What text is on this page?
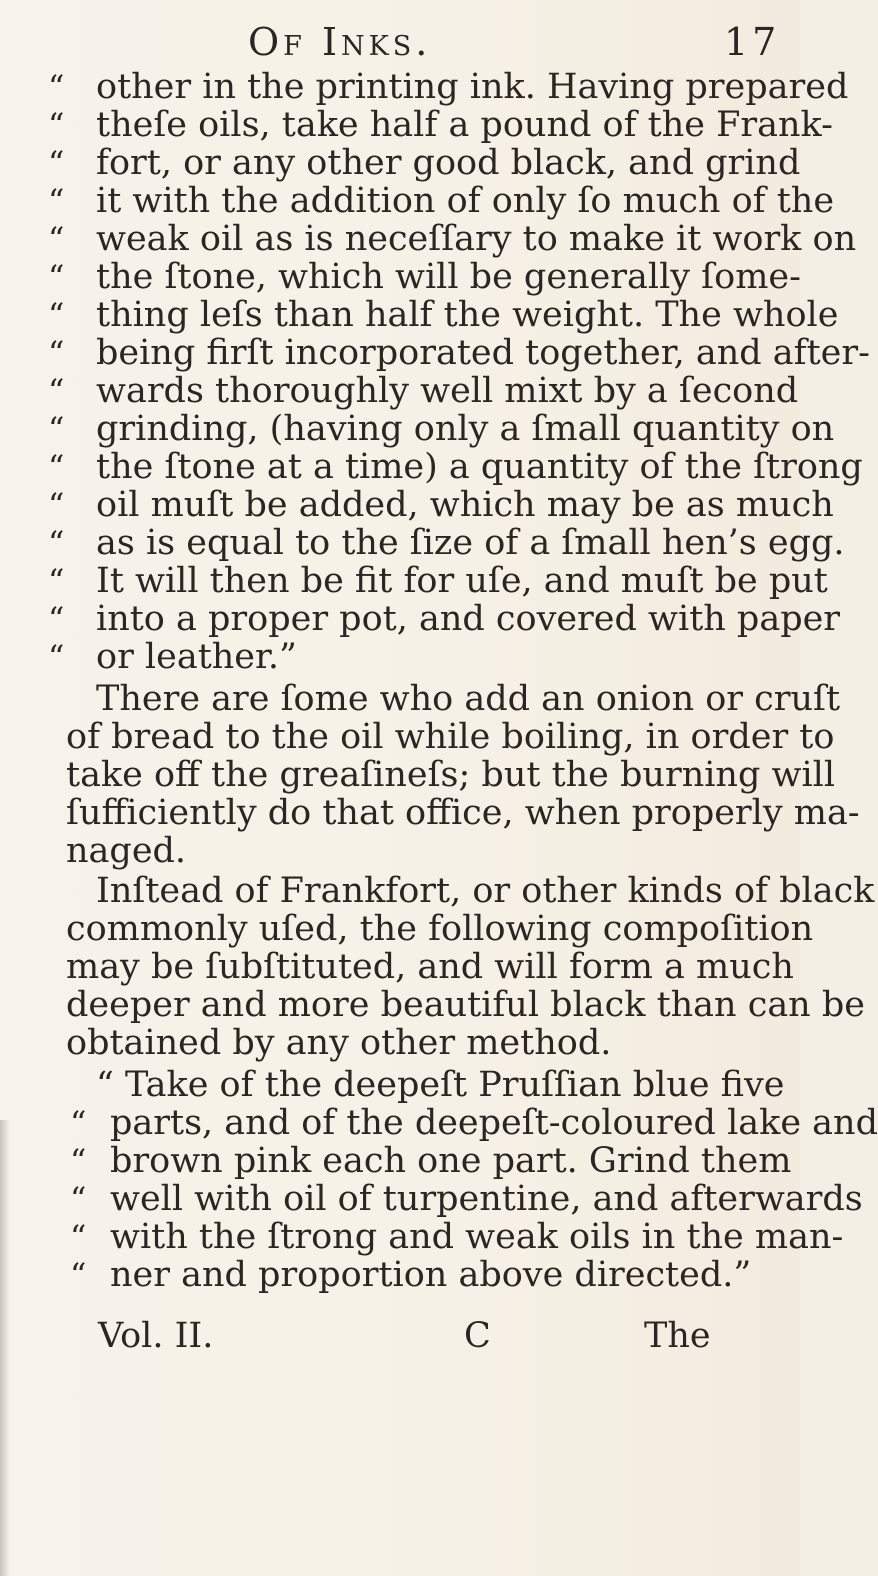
Of Inks.	17
“ other in the printing ink. Having prepared
“ theſe oils, take half a pound of the Frank-
“ fort, or any other good black, and grind
“ it with the addition of only ſo much of the
“ weak oil as is neceſſary to make it work on
“ the ſtone, which will be generally ſome-
“ thing leſs than half the weight. The whole
“ being firſt incorporated together, and after-
“ wards thoroughly well mixt by a ſecond
“ grinding, (having only a ſmall quantity on
“ the ſtone at a time) a quantity of the ſtrong
“ oil muſt be added, which may be as much
“ as is equal to the ſize of a ſmall hen’s egg.
“ It will then be fit for uſe, and muſt be put
“ into a proper pot, and covered with paper
“ or leather.”
There are ſome who add an onion or cruſt
of bread to the oil while boiling, in order to
take off the greaſineſs; but the burning will
ſufficiently do that office, when properly ma-
naged.
Inſtead of Frankfort, or other kinds of black
commonly uſed, the following compoſition
may be ſubſtituted, and will form a much
deeper and more beautiful black than can be
obtained by any other method.
“ Take of the deepeſt Pruſſian blue five
“ parts, and of the deepeſt-coloured lake and
“ brown pink each one part. Grind them
“ well with oil of turpentine, and afterwards
“ with the ſtrong and weak oils in the man-
“ ner and proportion above directed.”
Vol. II.	C	The
